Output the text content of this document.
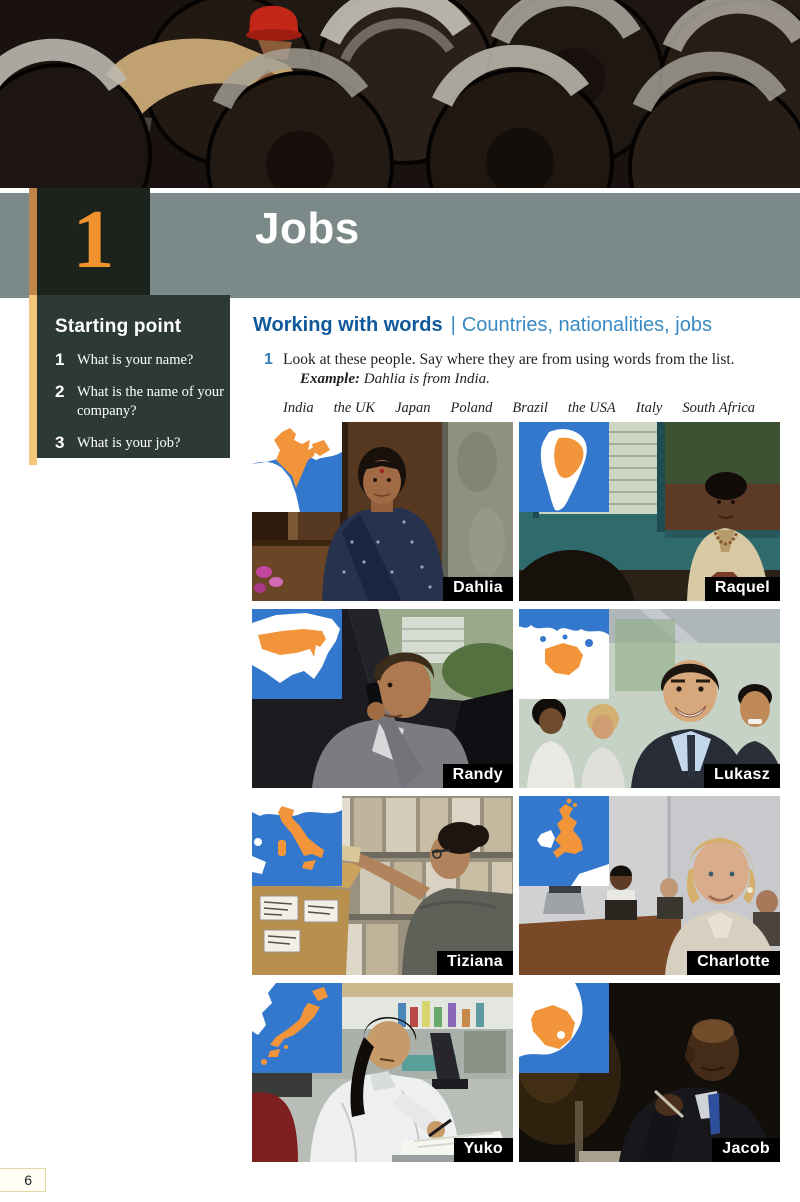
Jobs
1
Starting point
1 What is your name?
2 What is the name of your company?
3 What is your job?
Working with words | Countries, nationalities, jobs
1 Look at these people. Say where they are from using words from the list.
Example: Dahlia is from India.
India the UK Japan Poland Brazil the USA Italy South Africa
Dahlia	Raquel
Randy	Lukasz
Tiziana	Charlotte
Yuko	Jacob
6
